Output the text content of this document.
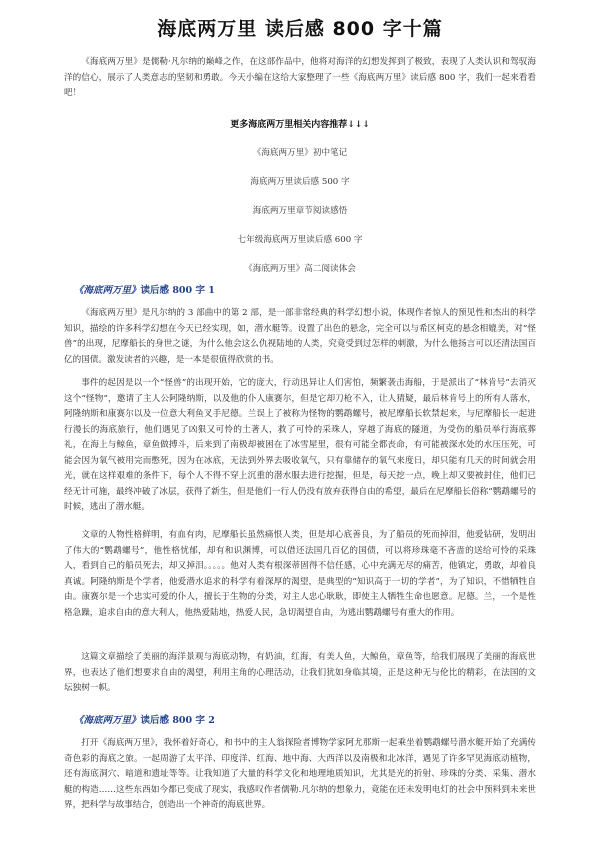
海底两万里 读后感 800 字十篇

《海底两万里》是儒勒·凡尔纳的巅峰之作，在这部作品中，他将对海洋的幻想发挥到了极致，表现了人类认识和驾驭海洋的信心，展示了人类意志的坚韧和勇敢。今天小编在这给大家整理了一些《海底两万里》读后感 800 字，我们一起来看看吧！

更多海底两万里相关内容推荐↓↓↓
《海底两万里》初中笔记
海底两万里读后感 500 字
海底两万里章节阅读感悟
七年级海底两万里读后感 600 字
《海底两万里》高二阅读体会
《海底两万里》读后感 800 字 1

《海底两万里》是凡尔纳的 3 部曲中的第 2 部，是一部非常经典的科学幻想小说，体现作者惊人的预见性和杰出的科学知识，描绘的许多科学幻想在今天已经实现，如，潜水艇等。设置了出色的悬念，完全可以与希区柯克的悬念相媲美，对“怪兽”的出现，尼摩船长的身世之谜，为什么他会这么仇视陆地的人类，究竟受到过怎样的刺激，为什么他扬言可以还清法国百亿的国债。激发读者的兴趣，是一本是很值得欣赏的书。

事件的起因是以一个“怪兽”的出现开始，它的庞大，行动迅异让人们害怕，频繁袭击海船，于是派出了“林肯号”去消灭这个“怪物”，邀请了主人公阿隆纳斯，以及他的仆人康赛尔，但是它却刀枪不入，让人猜疑，最后林肯号上的所有人落水，阿隆纳斯和康赛尔以及一位意大利鱼叉手尼德。兰误上了被称为怪物的鹦鹉螺号，被尼摩船长软禁起来，与尼摩船长一起进行漫长的海底旅行，他们遇见了凶狠又可怜的土著人，救了可怜的采珠人，穿越了海底的隧道，为受伤的船员举行海底葬礼，在海上与鲸鱼，章鱼做搏斗，后来到了南极却被困在了冰雪屋里，很有可能全都丧命，有可能被深水处的水压压死，可能会因为氧气被用完而憋死，因为在冰底，无法到外界去吸收氧气，只有靠储存的氧气来度日，却只能有几天的时间就会用光，就在这样艰难的条件下，每个人不得不穿上沉重的潜水服去进行挖掘，但是，每天挖一点，晚上却又要被封住，他们已经无计可施，最终冲破了冰层，获得了新生，但是他们一行人仍没有放弃获得自由的希望，最后在尼摩船长俗称“鹦鹉螺号的时候，逃出了潜水艇。

文章的人物性格鲜明，有血有肉，尼摩船长虽然痛恨人类，但是却心底善良，为了船员的死而掉泪，他爱钻研，发明出了伟大的“鹦鹉螺号”，他性格忧郁，却有和识渊博，可以借还法国几百亿的国债，可以将珍珠毫不吝啬的送给可怜的采珠人，看到自己的船员死去，却又掉泪。。。。。他对人类有根深蒂固得不信任感，心中充满无尽的痛苦，他镇定，勇敢，却着良真诚。阿隆纳斯是个学者，他爱潜水追求的科学有着深厚的渴望，是典型的“知识高于一切的学者”，为了知识，不惜牺牲自由。康赛尔是一个忠实可爱的仆人，擅长于生物的分类，对主人忠心耿耿，即使主人牺牲生命也愿意。尼德。兰，一个是性格急躁，追求自由的意大利人，他热爱陆地，热爱人民，急切渴望自由，为逃出鹦鹉螺号有重大的作用。

这篇文章描绘了美丽的海洋景观与海底动物，有奶油，红海，有美人鱼，大鲸鱼，章鱼等，给我们展现了美丽的海底世界，也表达了他们想要求自由的渴望，利用主角的心理活动，让我们犹如身临其境，正是这种无与伦比的精彩，在法国的文坛独树一帜。

《海底两万里》读后感 800 字 2

打开《海底两万里》，我怀着好奇心，和书中的主人翁探险者博物学家阿尤那斯一起乘坐着鹦鹉螺号潜水艇开始了充满传奇色彩的海底之旅。一起周游了太平洋、印度洋、红海、地中海、大西洋以及南极和北冰洋，遇见了许多罕见海底动植物，还有海底洞穴、暗道和遗址等等。让我知道了大量的科学文化和地理地质知识，尤其是光的折射、珍珠的分类、采集、潜水艇的构造……这些东西如今都已变成了现实，我感叹作者儒勒.凡尔纳的想象力，竟能在还未发明电灯的社会中预料到未来世界，把科学与故事结合，创造出一个神奇的海底世界。
